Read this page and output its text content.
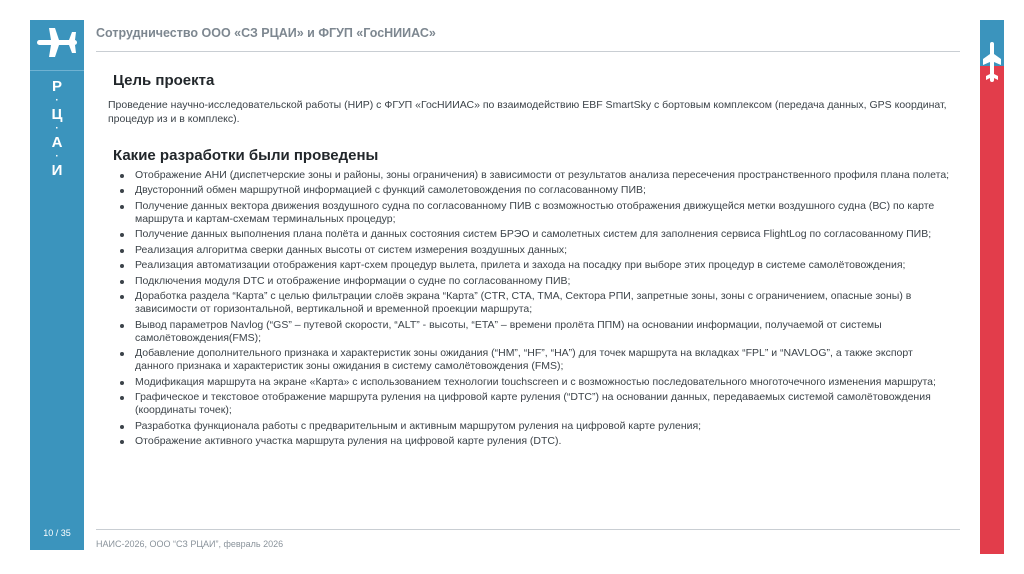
Р
·
Ц
·
А
·
И
10 / 35
Сотрудничество ООО «СЗ РЦАИ» и ФГУП «ГосНИИАС»
Цель проекта
Проведение научно-исследовательской работы (НИР) с ФГУП «ГосНИИАС» по взаимодействию EBF SmartSky с бортовым комплексом (передача данных, GPS координат, процедур из и в комплекс).
Какие разработки были проведены
Отображение АНИ (диспетчерские зоны и районы, зоны ограничения) в зависимости от результатов анализа пересечения пространственного профиля плана полета;
Двусторонний обмен маршрутной информацией с функций самолетовождения по согласованному ПИВ;
Получение данных вектора движения воздушного судна по согласованному ПИВ с возможностью отображения движущейся метки воздушного судна (ВС) по карте маршрута и картам-схемам терминальных процедур;
Получение данных выполнения плана полёта и данных состояния систем БРЭО и самолетных систем для заполнения сервиса FlightLog по согласованному ПИВ;
Реализация алгоритма сверки данных высоты от систем измерения воздушных данных;
Реализация автоматизации отображения карт-схем процедур вылета, прилета и захода на посадку при выборе этих процедур в системе самолётовождения;
Подключения модуля DTC и отображение информации о судне по согласованному ПИВ;
Доработка раздела “Карта” с целью фильтрации слоёв экрана “Карта” (CTR, CTA, TMA, Сектора РПИ, запретные зоны, зоны с ограничением, опасные зоны) в зависимости от горизонтальной, вертикальной и временной проекции маршрута;
Вывод параметров Navlog (“GS” – путевой скорости, “ALT” - высоты, “ETA” – времени пролёта ППМ) на основании информации, получаемой от системы самолётовождения(FMS);
Добавление дополнительного признака и характеристик зоны ожидания (“HM”, “HF”, “HA”) для точек маршрута на вкладках “FPL” и “NAVLOG”, а также экспорт данного признака и характеристик зоны ожидания в систему самолётовождения (FMS);
Модификация маршрута на экране «Карта» с использованием технологии touchscreen и с возможностью последовательного многоточечного изменения маршрута;
Графическое и текстовое отображение маршрута руления на цифровой карте руления (“DTC”) на основании данных, передаваемых системой самолётовождения (координаты точек);
Разработка функционала работы с предварительным и активным маршрутом руления на цифровой карте руления;
Отображение активного участка маршрута руления на цифровой карте руления (DTC).
НАИС-2026, ООО “СЗ РЦАИ”, февраль 2026
